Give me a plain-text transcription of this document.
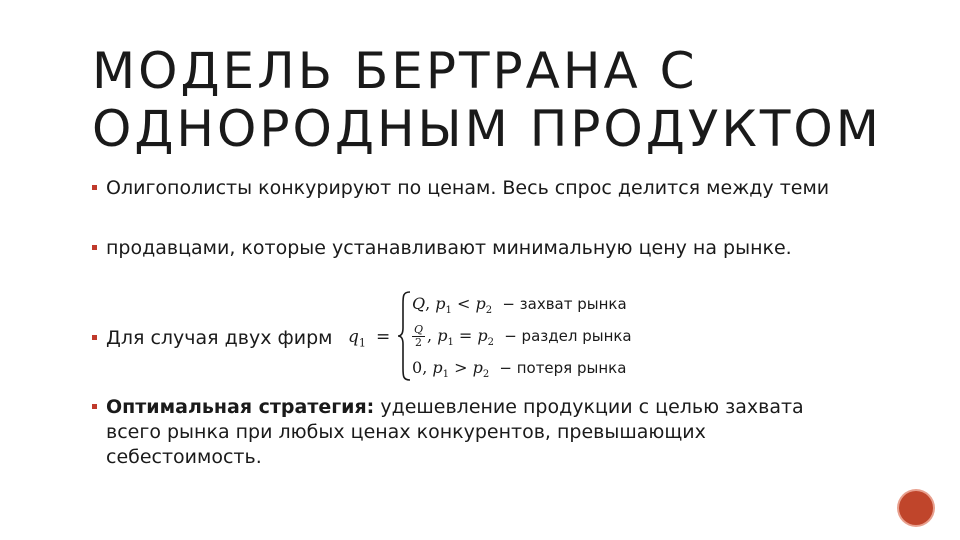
МОДЕЛЬ БЕРТРАНА С ОДНОРОДНЫМ ПРОДУКТОМ
Олигополисты конкурируют по ценам. Весь спрос делится между теми
продавцами, которые устанавливают минимальную цену на рынке.
Для случая двух фирм $q_1$ =
Q, $p_1 < p_2$ − захват рынка
$\frac{Q}{2}$ , $p_1 = p_2$ − раздел рынка
0, $p_1 > p_2$ − потеря рынка
Оптимальная стратегия: удешевление продукции с целью захвата всего рынка при любых ценах конкурентов, превышающих себестоимость.
